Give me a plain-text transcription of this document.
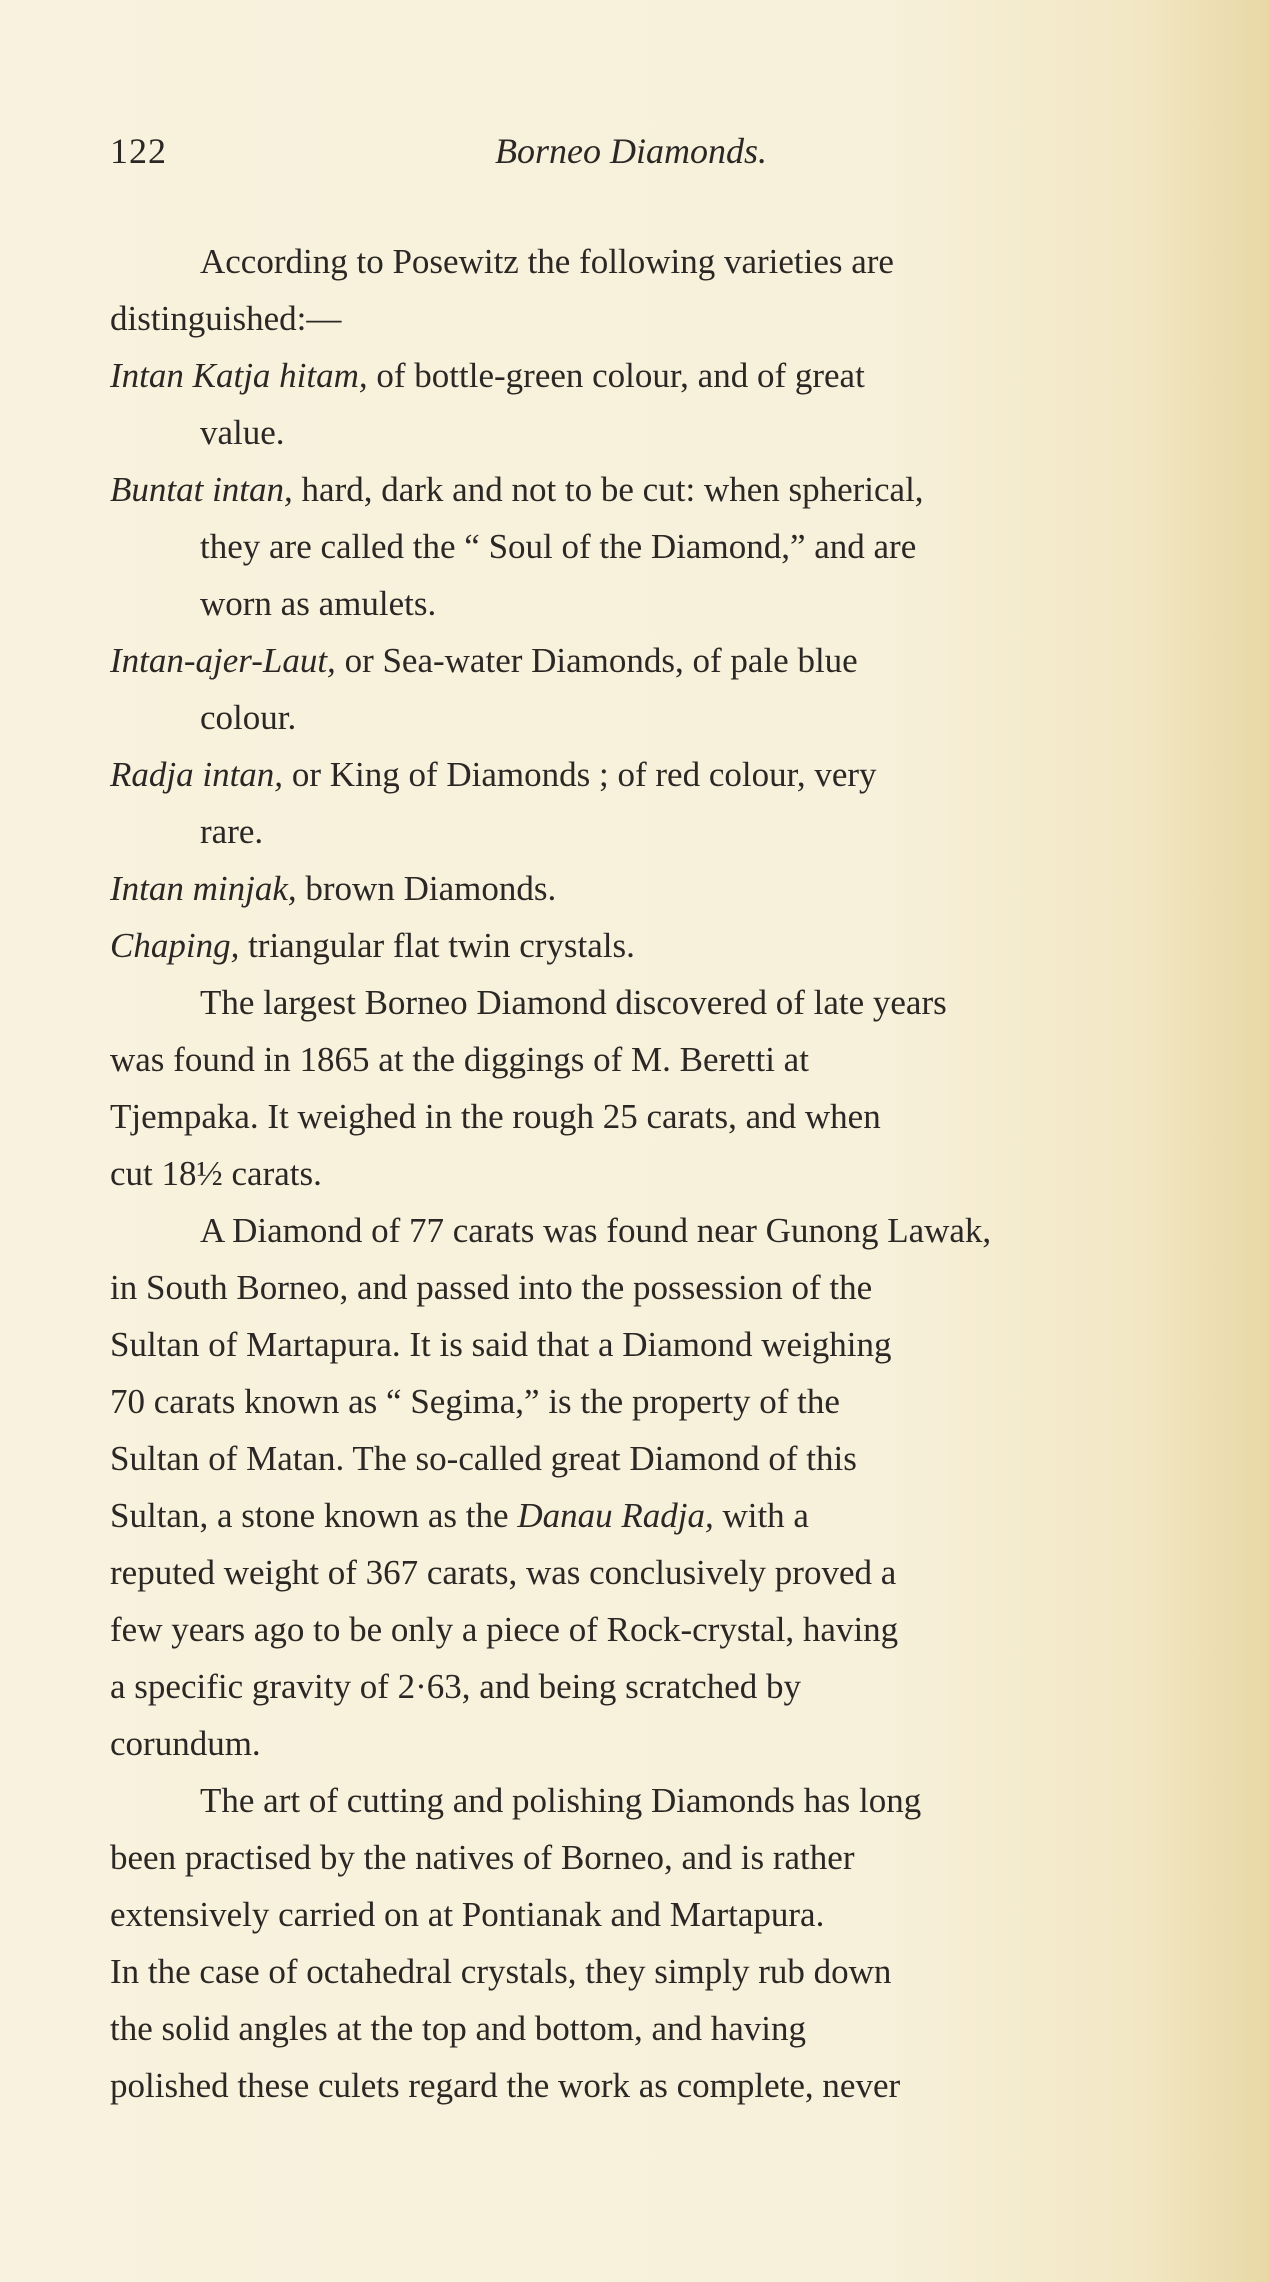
122	Borneo Diamonds.
According to Posewitz the following varieties are
distinguished:—
Intan Katja hitam, of bottle-green colour, and of great
value.
Buntat intan, hard, dark and not to be cut: when spherical,
they are called the “ Soul of the Diamond,” and are
worn as amulets.
Intan-ajer-Laut, or Sea-water Diamonds, of pale blue
colour.
Radja intan, or King of Diamonds ; of red colour, very
rare.
Intan minjak, brown Diamonds.
Chaping, triangular flat twin crystals.
The largest Borneo Diamond discovered of late years
was found in 1865 at the diggings of M. Beretti at
Tjempaka. It weighed in the rough 25 carats, and when
cut 18½ carats.
A Diamond of 77 carats was found near Gunong Lawak,
in South Borneo, and passed into the possession of the
Sultan of Martapura. It is said that a Diamond weighing
70 carats known as “ Segima,” is the property of the
Sultan of Matan. The so-called great Diamond of this
Sultan, a stone known as the Danau Radja, with a
reputed weight of 367 carats, was conclusively proved a
few years ago to be only a piece of Rock-crystal, having
a specific gravity of 2·63, and being scratched by
corundum.
The art of cutting and polishing Diamonds has long
been practised by the natives of Borneo, and is rather
extensively carried on at Pontianak and Martapura.
In the case of octahedral crystals, they simply rub down
the solid angles at the top and bottom, and having
polished these culets regard the work as complete, never
